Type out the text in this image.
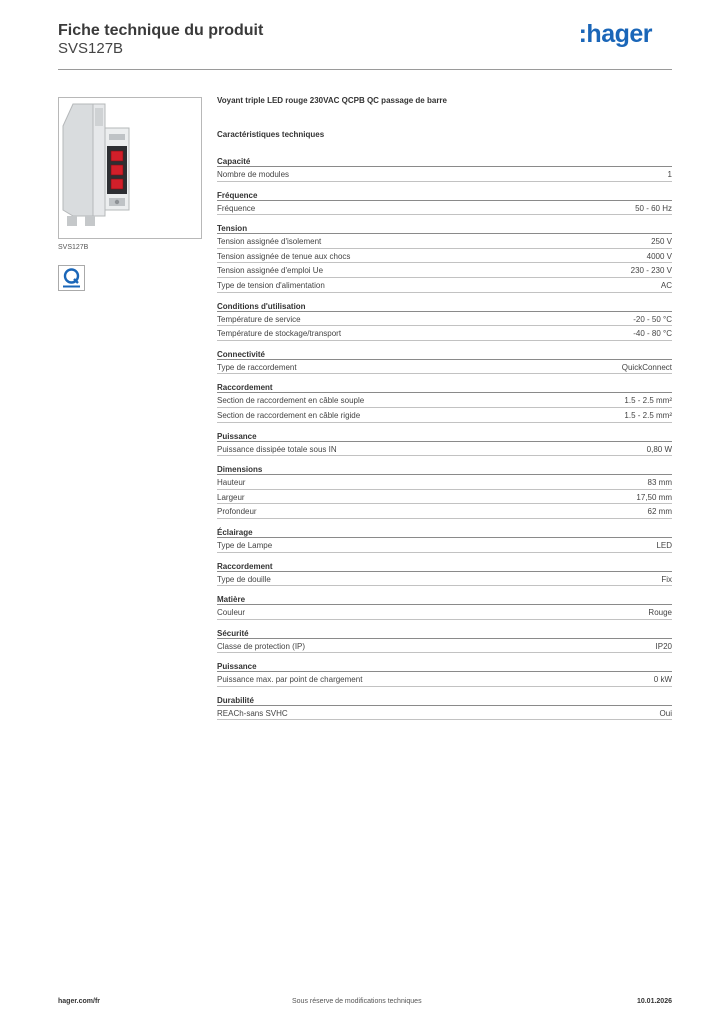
Fiche technique du produit
SVS127B
:hager
SVS127B
Voyant triple LED rouge 230VAC QCPB QC passage de barre
Caractéristiques techniques
Capacité
Nombre de modules	1
Fréquence
Fréquence	50 - 60 Hz
Tension
Tension assignée d'isolement	250 V
Tension assignée de tenue aux chocs	4000 V
Tension assignée d'emploi Ue	230 - 230 V
Type de tension d'alimentation	AC
Conditions d'utilisation
Température de service	-20 - 50 °C
Température de stockage/transport	-40 - 80 °C
Connectivité
Type de raccordement	QuickConnect
Raccordement
Section de raccordement en câble souple	1.5 - 2.5 mm²
Section de raccordement en câble rigide	1.5 - 2.5 mm²
Puissance
Puissance dissipée totale sous IN	0,80 W
Dimensions
Hauteur	83 mm
Largeur	17,50 mm
Profondeur	62 mm
Éclairage
Type de Lampe	LED
Raccordement
Type de douille	Fix
Matière
Couleur	Rouge
Sécurité
Classe de protection (IP)	IP20
Puissance
Puissance max. par point de chargement	0 kW
Durabilité
REACh-sans SVHC	Oui
hager.com/fr	Sous réserve de modifications techniques	10.01.2026
